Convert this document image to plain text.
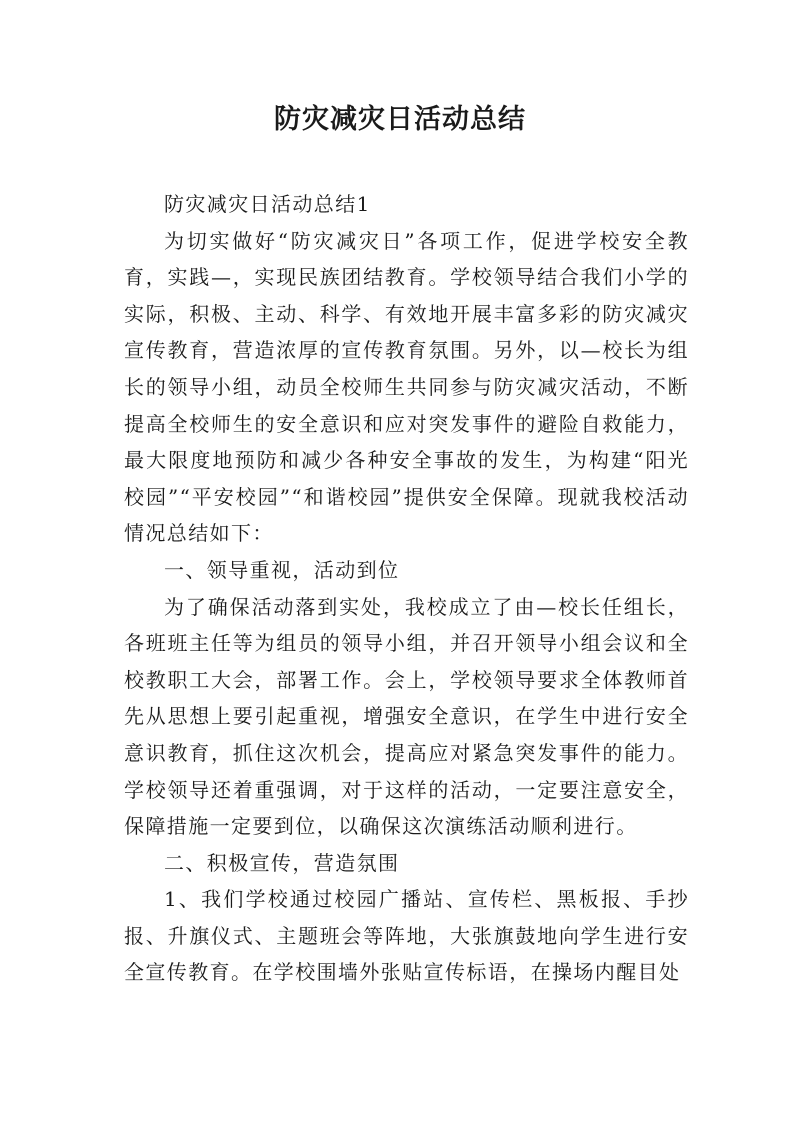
防灾减灾日活动总结

防灾减灾日活动总结1

为切实做好“防灾减灾日”各项工作，促进学校安全教育，实践—，实现民族团结教育。学校领导结合我们小学的实际，积极、主动、科学、有效地开展丰富多彩的防灾减灾宣传教育，营造浓厚的宣传教育氛围。另外，以—校长为组长的领导小组，动员全校师生共同参与防灾减灾活动，不断提高全校师生的安全意识和应对突发事件的避险自救能力，最大限度地预防和减少各种安全事故的发生，为构建“阳光校园”“平安校园”“和谐校园”提供安全保障。现就我校活动情况总结如下：

一、领导重视，活动到位

为了确保活动落到实处，我校成立了由—校长任组长，各班班主任等为组员的领导小组，并召开领导小组会议和全校教职工大会，部署工作。会上，学校领导要求全体教师首先从思想上要引起重视，增强安全意识，在学生中进行安全意识教育，抓住这次机会，提高应对紧急突发事件的能力。学校领导还着重强调，对于这样的活动，一定要注意安全，保障措施一定要到位，以确保这次演练活动顺利进行。

二、积极宣传，营造氛围

1、我们学校通过校园广播站、宣传栏、黑板报、手抄报、升旗仪式、主题班会等阵地，大张旗鼓地向学生进行安全宣传教育。在学校围墙外张贴宣传标语，在操场内醒目处
